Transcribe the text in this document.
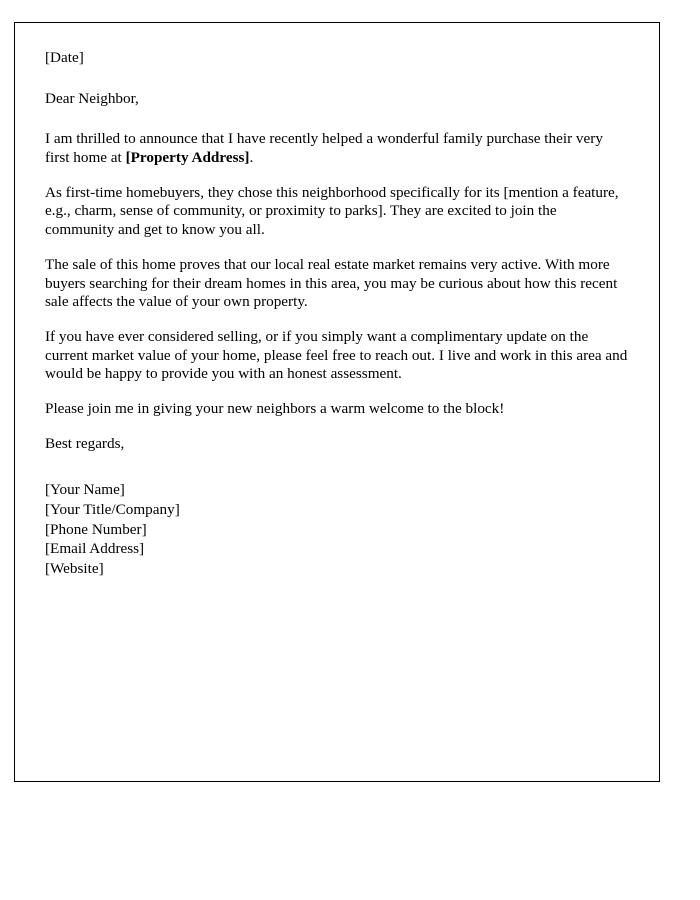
[Date]

Dear Neighbor,

I am thrilled to announce that I have recently helped a wonderful family purchase their very first home at [Property Address].

As first-time homebuyers, they chose this neighborhood specifically for its [mention a feature, e.g., charm, sense of community, or proximity to parks]. They are excited to join the community and get to know you all.

The sale of this home proves that our local real estate market remains very active. With more buyers searching for their dream homes in this area, you may be curious about how this recent sale affects the value of your own property.

If you have ever considered selling, or if you simply want a complimentary update on the current market value of your home, please feel free to reach out. I live and work in this area and would be happy to provide you with an honest assessment.

Please join me in giving your new neighbors a warm welcome to the block!

Best regards,

[Your Name]
[Your Title/Company]
[Phone Number]
[Email Address]
[Website]
